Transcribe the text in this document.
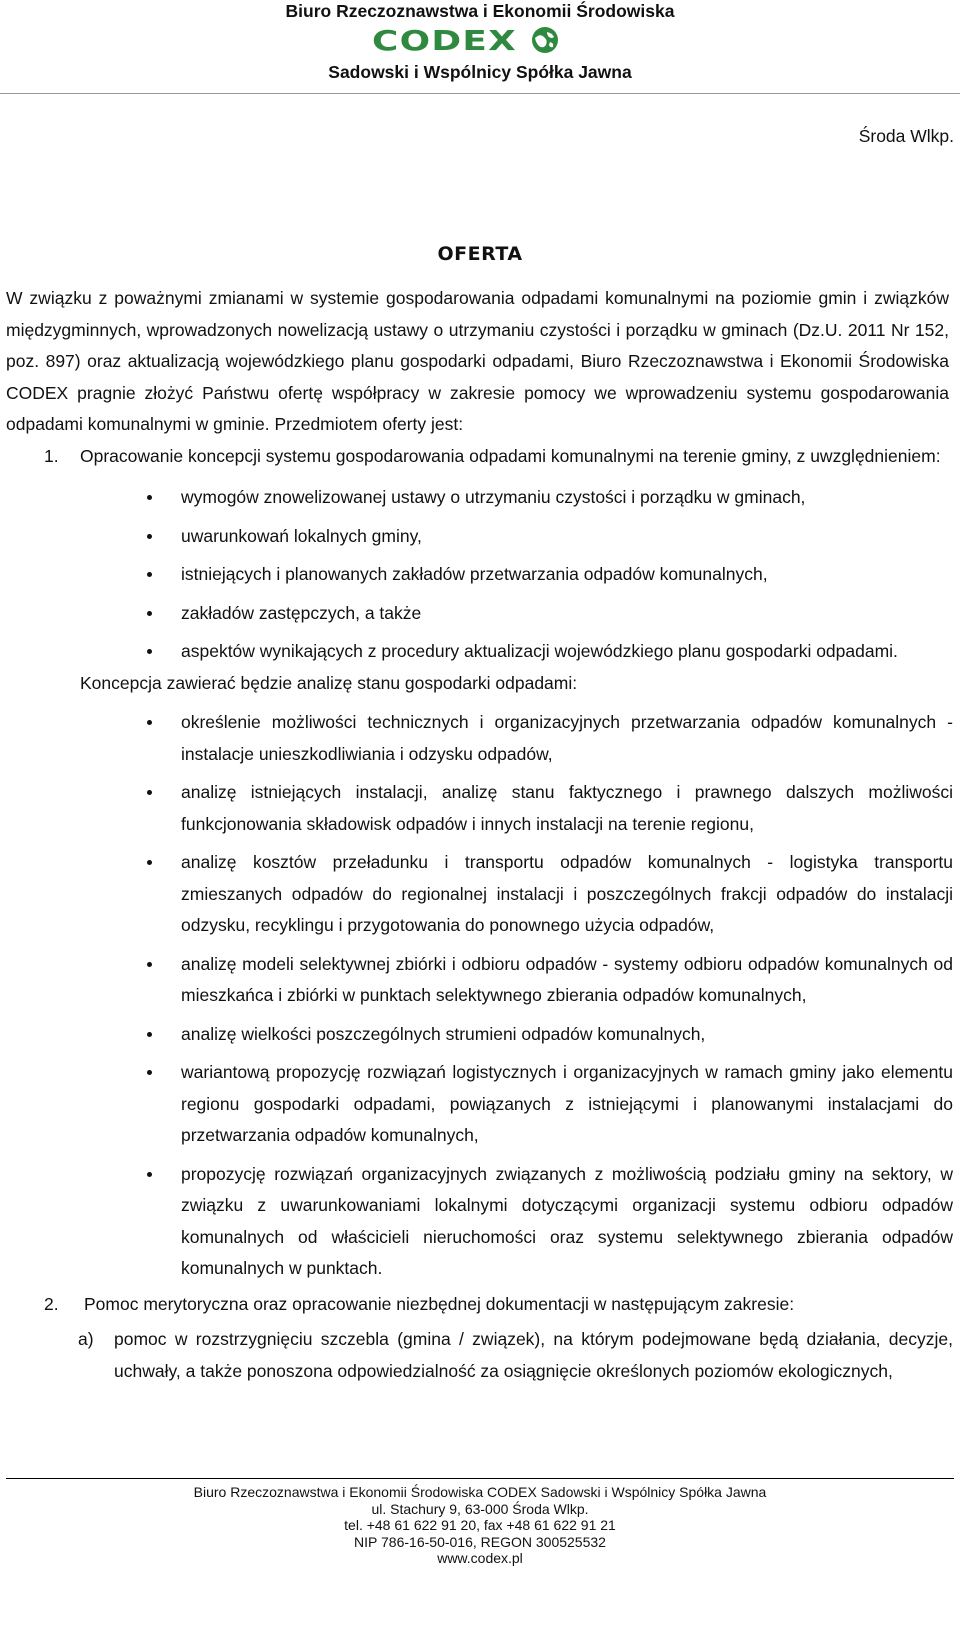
Biuro Rzeczoznawstwa i Ekonomii Środowiska
CODEX
Sadowski i Wspólnicy Spółka Jawna
Środa Wlkp.
OFERTA

W związku z poważnymi zmianami w systemie gospodarowania odpadami komunalnymi na poziomie gmin i związków międzygminnych, wprowadzonych nowelizacją ustawy o utrzymaniu czystości i porządku w gminach (Dz.U. 2011 Nr 152, poz. 897) oraz aktualizacją wojewódzkiego planu gospodarki odpadami, Biuro Rzeczoznawstwa i Ekonomii Środowiska CODEX pragnie złożyć Państwu ofertę współpracy w zakresie pomocy we wprowadzeniu systemu gospodarowania odpadami komunalnymi w gminie. Przedmiotem oferty jest:

1. Opracowanie koncepcji systemu gospodarowania odpadami komunalnymi na terenie gminy, z uwzględnieniem:
wymogów znowelizowanej ustawy o utrzymaniu czystości i porządku w gminach,
uwarunkowań lokalnych gminy,
istniejących i planowanych zakładów przetwarzania odpadów komunalnych,
zakładów zastępczych, a także
aspektów wynikających z procedury aktualizacji wojewódzkiego planu gospodarki odpadami.

Koncepcja zawierać będzie analizę stanu gospodarki odpadami:

określenie możliwości technicznych i organizacyjnych przetwarzania odpadów komunalnych - instalacje unieszkodliwiania i odzysku odpadów,
analizę istniejących instalacji, analizę stanu faktycznego i prawnego dalszych możliwości funkcjonowania składowisk odpadów i innych instalacji na terenie regionu,
analizę kosztów przeładunku i transportu odpadów komunalnych - logistyka transportu zmieszanych odpadów do regionalnej instalacji i poszczególnych frakcji odpadów do instalacji odzysku, recyklingu i przygotowania do ponownego użycia odpadów,
analizę modeli selektywnej zbiórki i odbioru odpadów - systemy odbioru odpadów komunalnych od mieszkańca i zbiórki w punktach selektywnego zbierania odpadów komunalnych,
analizę wielkości poszczególnych strumieni odpadów komunalnych,
wariantową propozycję rozwiązań logistycznych i organizacyjnych w ramach gminy jako elementu regionu gospodarki odpadami, powiązanych z istniejącymi i planowanymi instalacjami do przetwarzania odpadów komunalnych,
propozycję rozwiązań organizacyjnych związanych z możliwością podziału gminy na sektory, w związku z uwarunkowaniami lokalnymi dotyczącymi organizacji systemu odbioru odpadów komunalnych od właścicieli nieruchomości oraz systemu selektywnego zbierania odpadów komunalnych w punktach.
2. Pomoc merytoryczna oraz opracowanie niezbędnej dokumentacji w następującym zakresie:
a) pomoc w rozstrzygnięciu szczebla (gmina / związek), na którym podejmowane będą działania, decyzje, uchwały, a także ponoszona odpowiedzialność za osiągnięcie określonych poziomów ekologicznych,
Biuro Rzeczoznawstwa i Ekonomii Środowiska CODEX Sadowski i Wspólnicy Spółka Jawna
ul. Stachury 9, 63-000 Środa Wlkp.
tel. +48 61 622 91 20, fax +48 61 622 91 21
NIP 786-16-50-016, REGON 300525532
www.codex.pl
